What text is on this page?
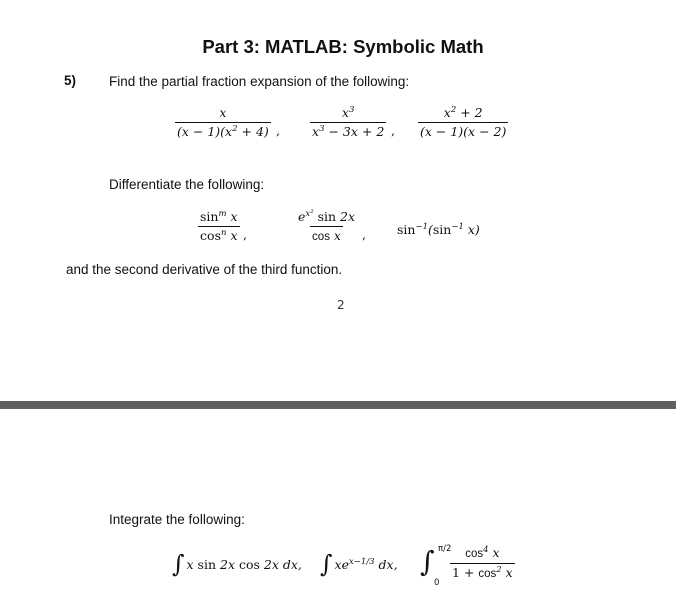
Part 3: MATLAB: Symbolic Math
5) Find the partial fraction expansion of the following:
$\frac{x}{(x - 1)(x^2 + 4)}$ , $\frac{x^3}{x^3 - 3x + 2}$ , $\frac{x^2 + 2}{(x - 1)(x - 2)}$
Differentiate the following:
$\frac{\sin^m x}{\cos^n x}$ ,	$\frac{e^{x^2} \sin 2x}{\text{cos x}}$ , $\sin^{-1}(\sin^{-1}$ x)
and the second derivative of the third function.
2
Integrate the following:
∫ x sin 2x cos 2x dx, ∫ $xe^{x-1/3}$ dx, ∫ π/2
0
$\frac{\cos^4 x}{1 + \cos^2 x}$
